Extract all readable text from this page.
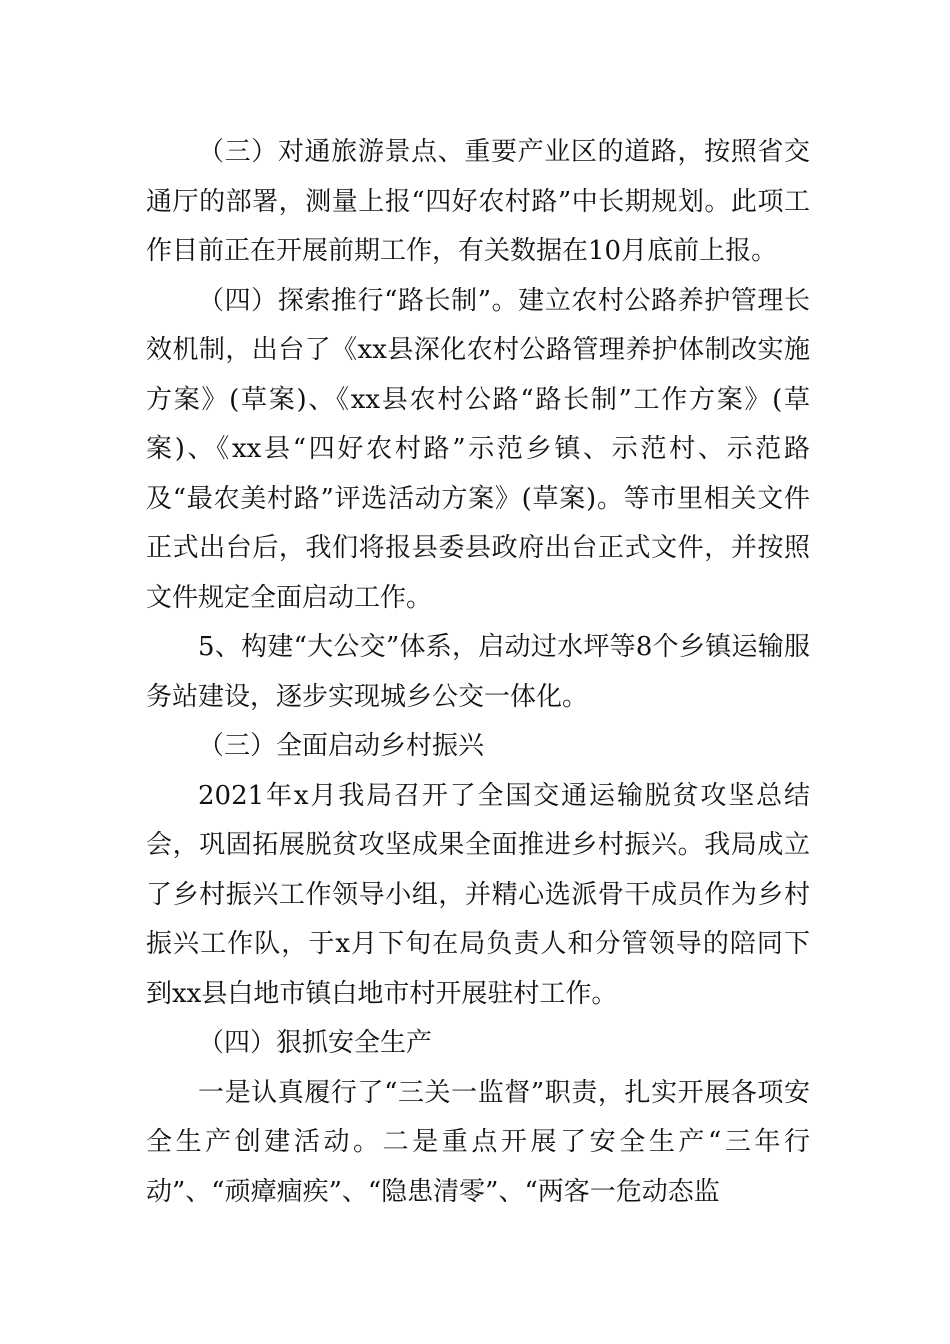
（三）对通旅游景点、重要产业区的道路，按照省交通厅的部署，测量上报“四好农村路”中长期规划。此项工作目前正在开展前期工作，有关数据在10月底前上报。

（四）探索推行“路长制”。建立农村公路养护管理长效机制，出台了《xx县深化农村公路管理养护体制改实施方案》(草案)、《xx县农村公路“路长制”工作方案》(草案)、《xx县“四好农村路”示范乡镇、示范村、示范路及“最农美村路”评选活动方案》(草案)。等市里相关文件正式出台后，我们将报县委县政府出台正式文件，并按照文件规定全面启动工作。

5、构建“大公交”体系，启动过水坪等8个乡镇运输服务站建设，逐步实现城乡公交一体化。

（三）全面启动乡村振兴

2021年x月我局召开了全国交通运输脱贫攻坚总结会，巩固拓展脱贫攻坚成果全面推进乡村振兴。我局成立了乡村振兴工作领导小组，并精心选派骨干成员作为乡村振兴工作队，于x月下旬在局负责人和分管领导的陪同下到xx县白地市镇白地市村开展驻村工作。

（四）狠抓安全生产

一是认真履行了“三关一监督”职责，扎实开展各项安全生产创建活动。二是重点开展了安全生产“三年行动”、“顽瘴痼疾”、“隐患清零”、“两客一危动态监
